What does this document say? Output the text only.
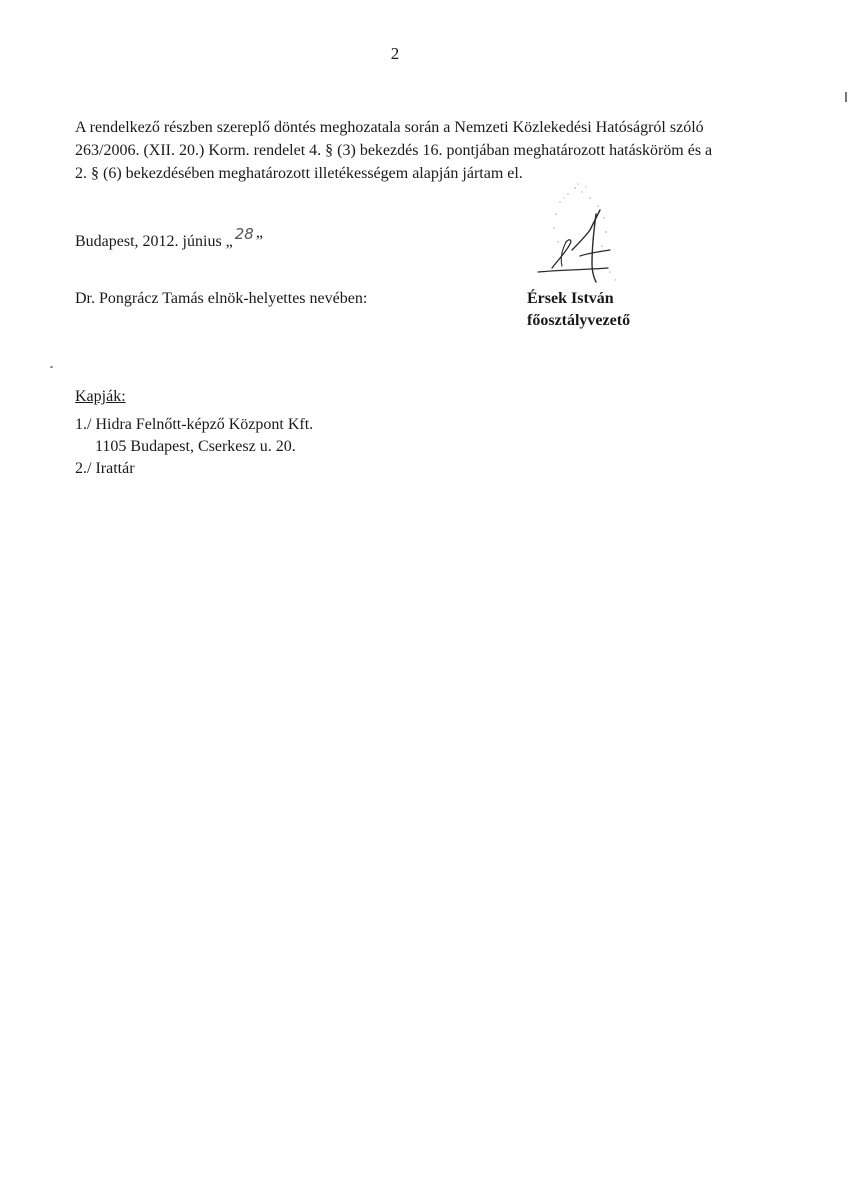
2

A rendelkező részben szereplő döntés meghozatala során a Nemzeti Közlekedési Hatóságról szóló
263/2006. (XII. 20.) Korm. rendelet 4. § (3) bekezdés 16. pontjában meghatározott hatásköröm és a
2. § (6) bekezdésében meghatározott illetékességem alapján jártam el.

Budapest, 2012. június „ 28 ”
Dr. Pongrácz Tamás elnök-helyettes nevében:	Érsek István
főosztályvezető
Kapják:
1./ Hidra Felnőtt-képző Központ Kft.
1105 Budapest, Cserkesz u. 20.
2./ Irattár
